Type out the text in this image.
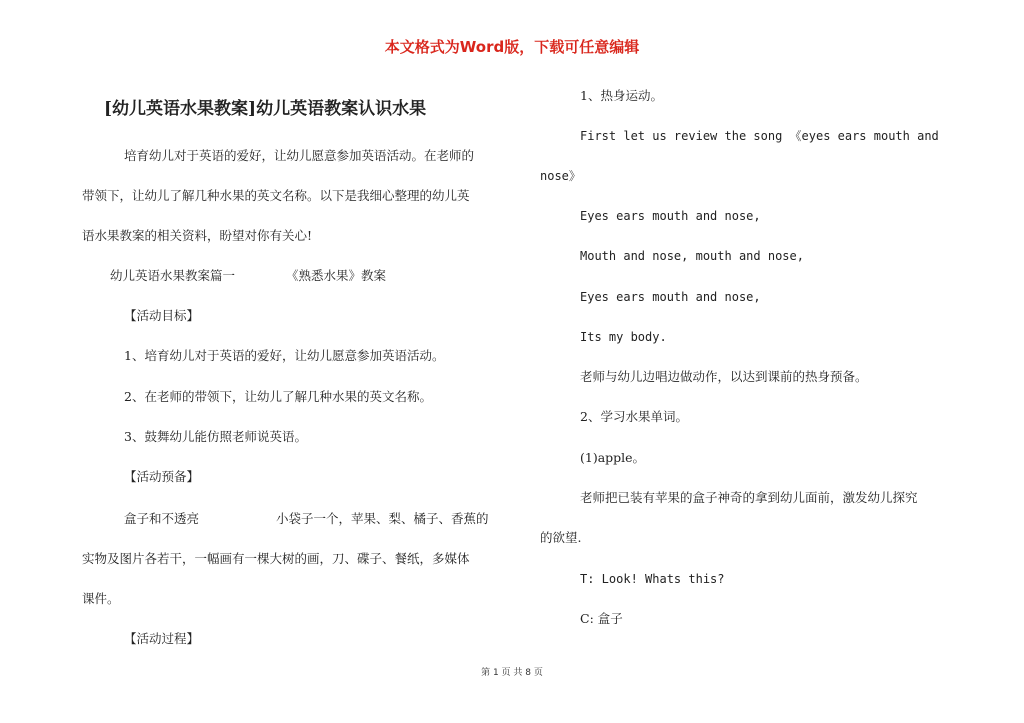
本文格式为Word版，下载可任意编辑
[幼儿英语水果教案]幼儿英语教案认识水果
培育幼儿对于英语的爱好，让幼儿愿意参加英语活动。在老师的
带领下，让幼儿了解几种水果的英文名称。以下是我细心整理的幼儿英
语水果教案的相关资料，盼望对你有关心!
幼儿英语水果教案篇一	《熟悉水果》教案
【活动目标】
1、培育幼儿对于英语的爱好，让幼儿愿意参加英语活动。
2、在老师的带领下，让幼儿了解几种水果的英文名称。
3、鼓舞幼儿能仿照老师说英语。
【活动预备】
盒子和不透亮	小袋子一个，苹果、梨、橘子、香蕉的
实物及图片各若干，一幅画有一棵大树的画，刀、碟子、餐纸，多媒体
课件。
【活动过程】
1、热身运动。
First let us review the song 《eyes ears mouth and
nose》
Eyes ears mouth and nose,
Mouth and nose, mouth and nose,
Eyes ears mouth and nose,
Its my body.
老师与幼儿边唱边做动作，以达到课前的热身预备。
2、学习水果单词。
(1)apple。
老师把已装有苹果的盒子神奇的拿到幼儿面前，激发幼儿探究
的欲望.
T: Look! Whats this?
C: 盒子
第 1 页 共 8 页
